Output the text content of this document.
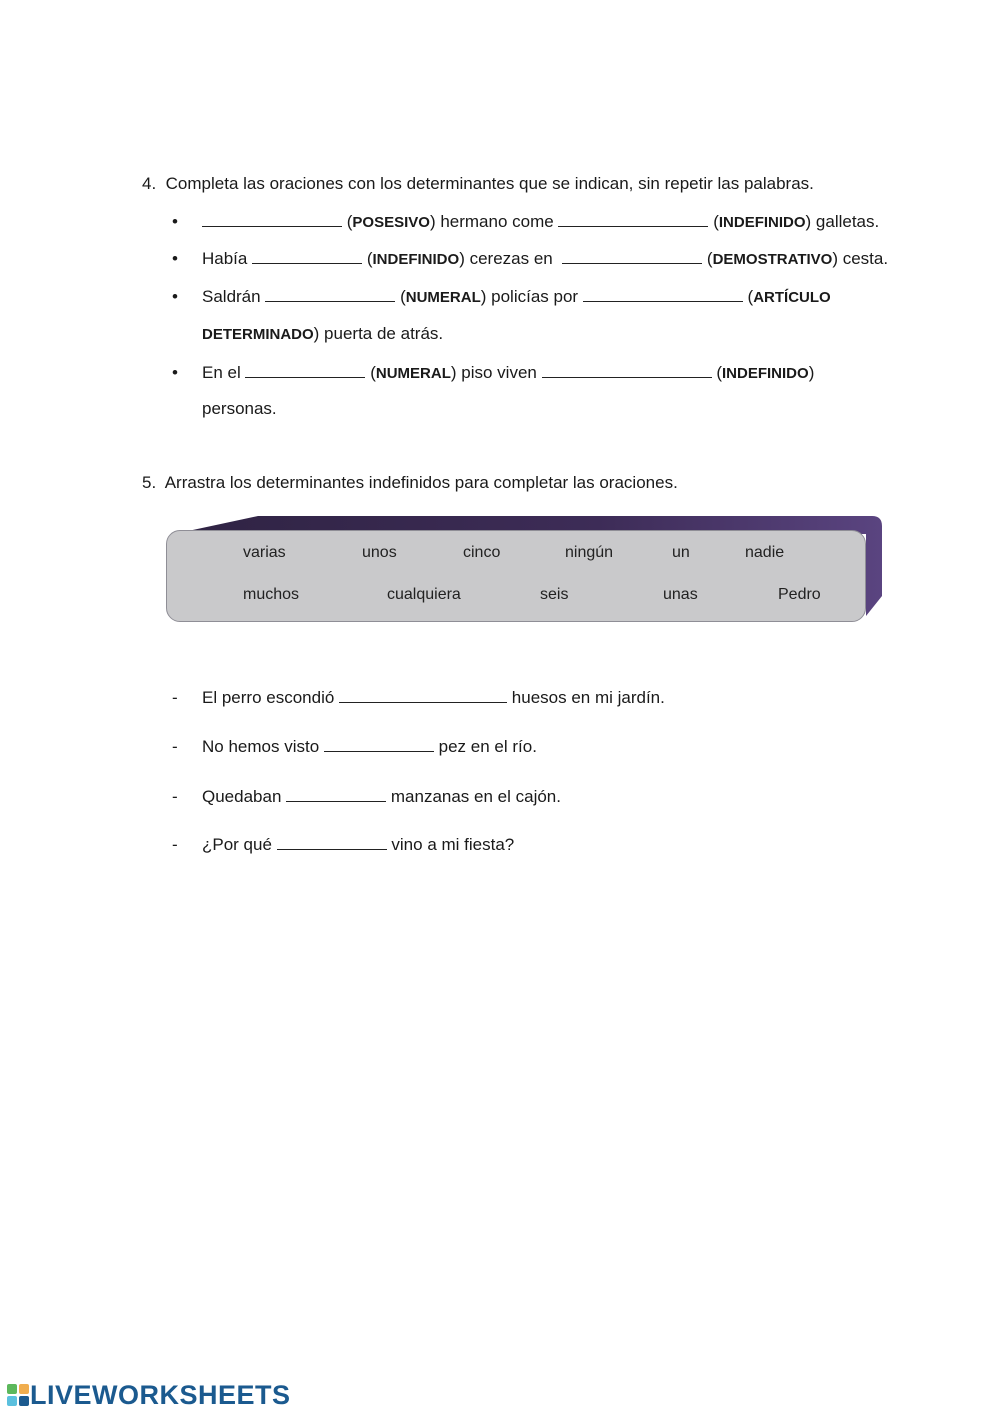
4. Completa las oraciones con los determinantes que se indican, sin repetir las palabras.
•	(POSESIVO) hermano come	(INDEFINIDO) galletas.
• Había	(INDEFINIDO) cerezas en	(DEMOSTRATIVO) cesta.
• Saldrán	(NUMERAL) policías por	(ARTÍCULO
DETERMINADO) puerta de atrás.
• En el	(NUMERAL) piso viven	(INDEFINIDO)
personas.
5. Arrastra los determinantes indefinidos para completar las oraciones.
varias	unos	cinco	ningún	un	nadie
muchos	cualquiera	seis	unas	Pedro
- El perro escondió	huesos en mi jardín.
- No hemos visto	pez en el río.
- Quedaban	manzanas en el cajón.
- ¿Por qué	vino a mi fiesta?
LIVEWORKSHEETS
